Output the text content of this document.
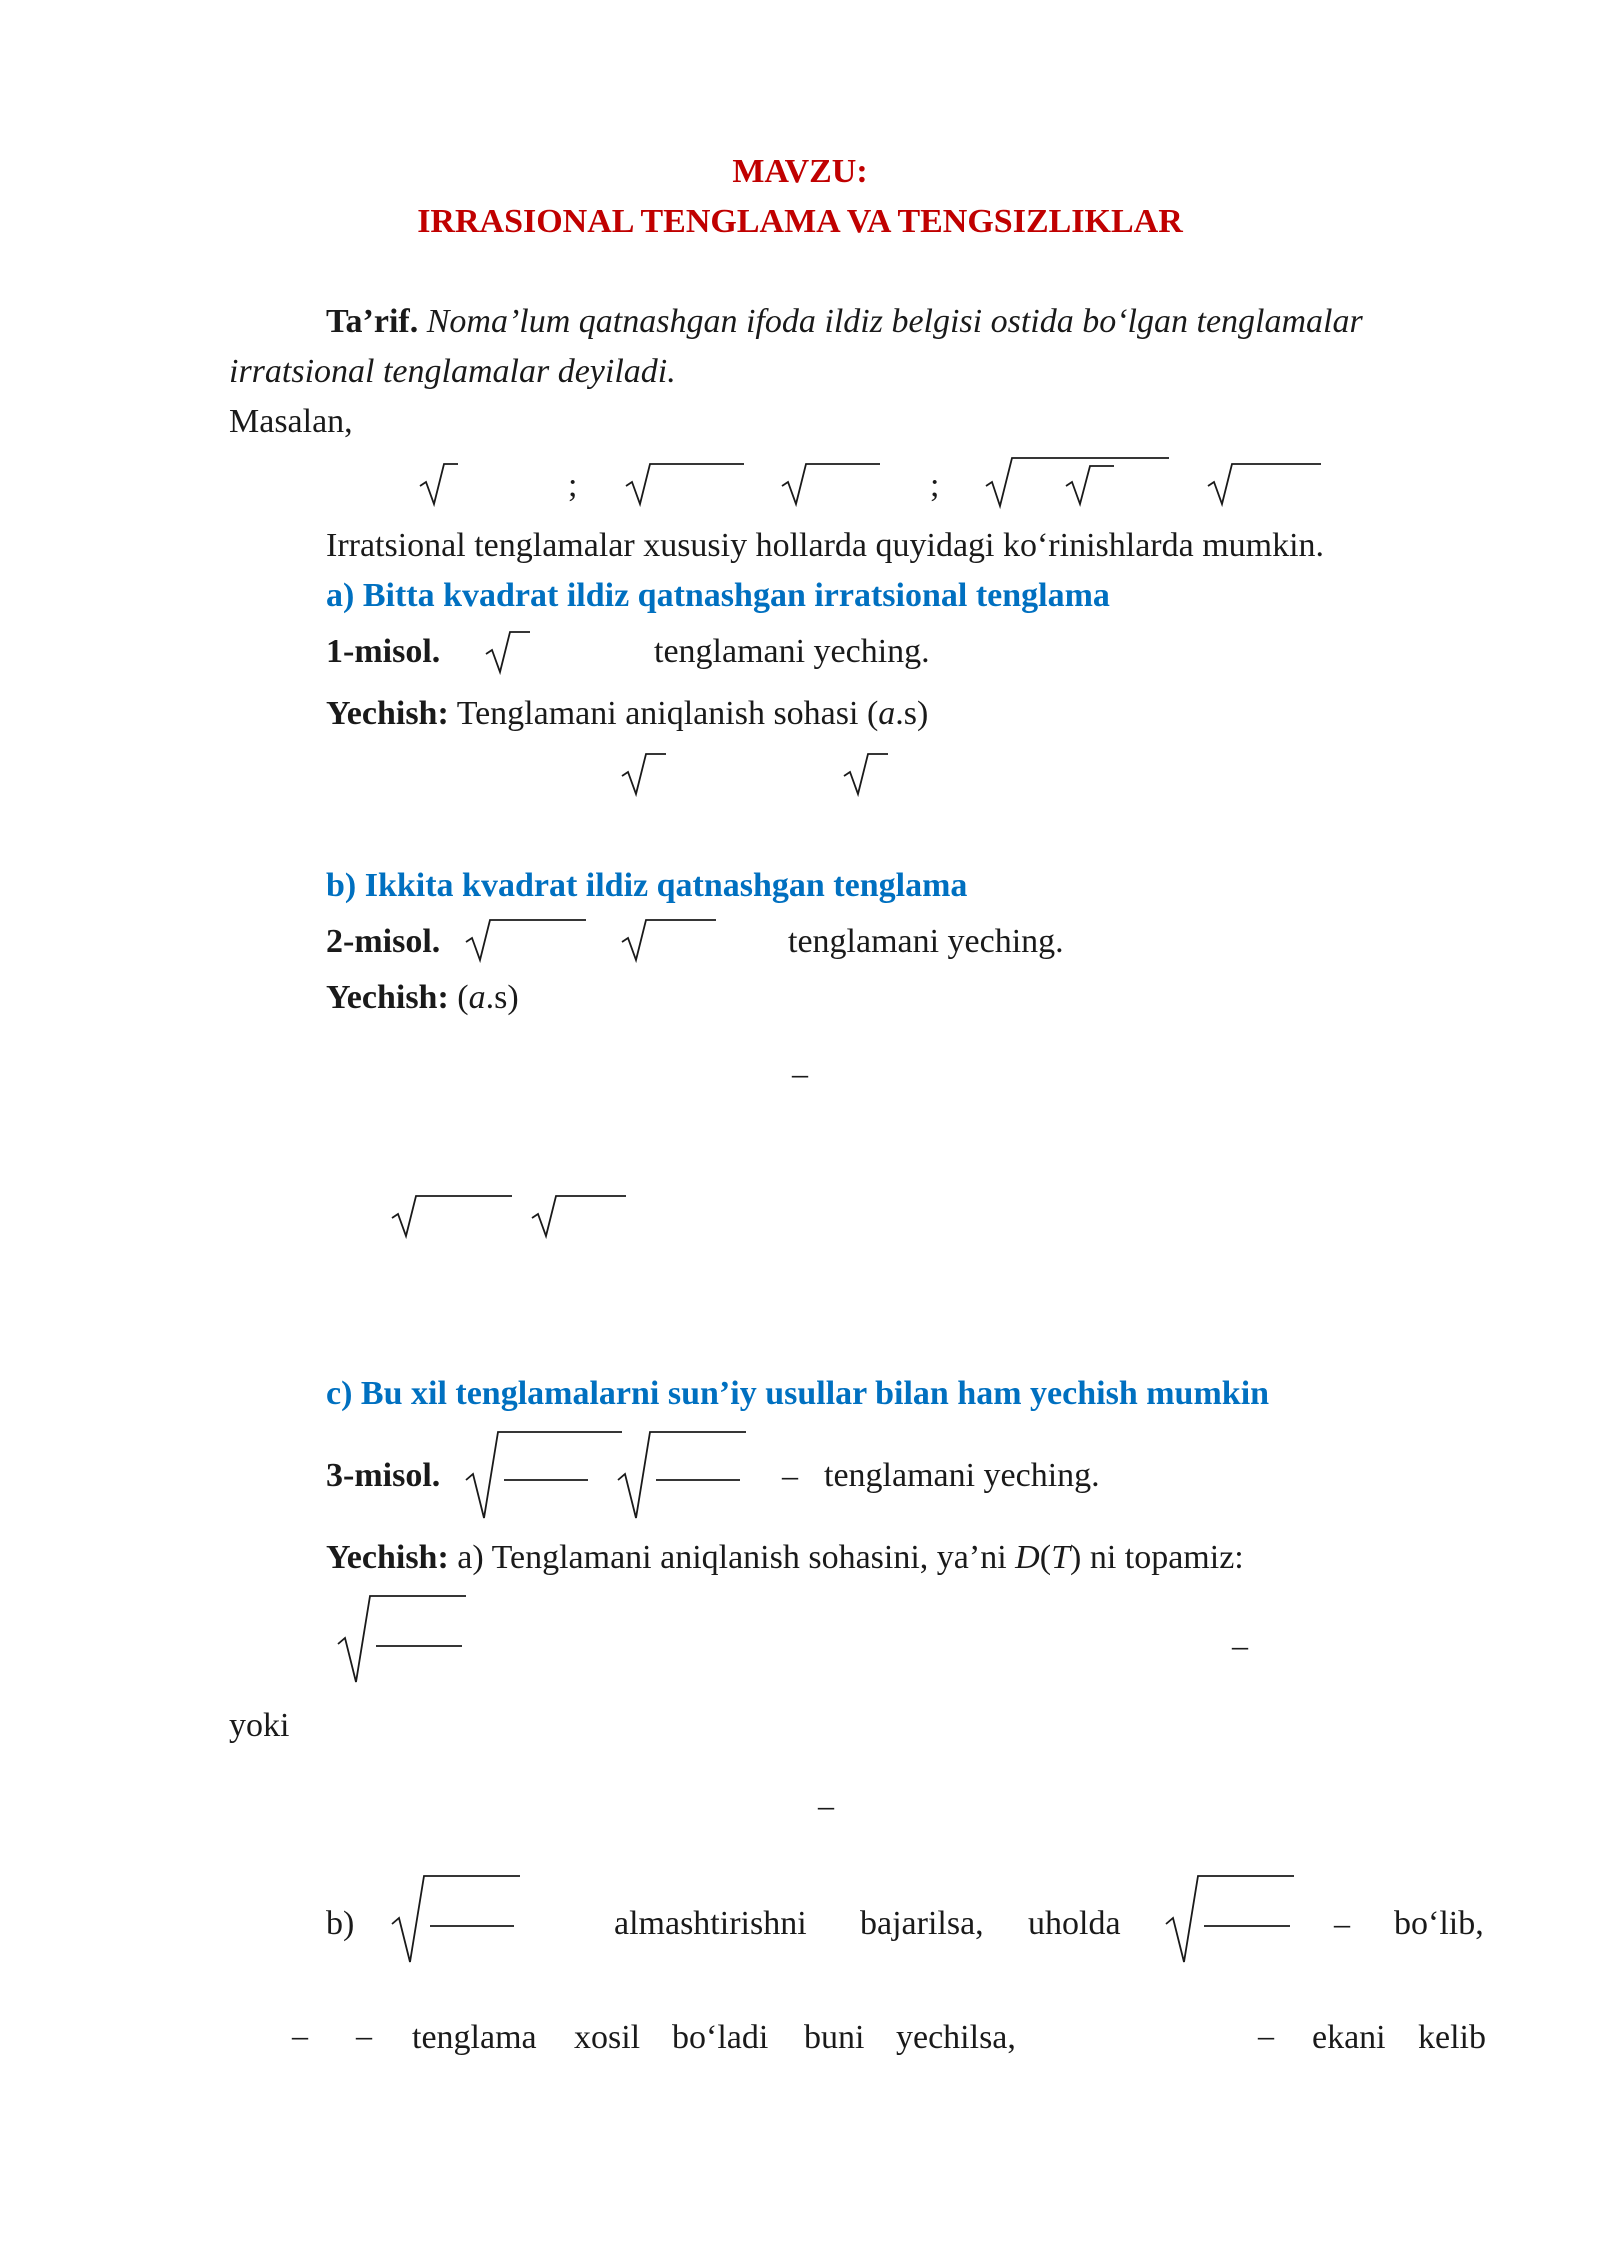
MAVZU:
IRRASIONAL TENGLAMA VA TENGSIZLIKLAR
Ta’rif. Noma’lum qatnashgan ifoda ildiz belgisi ostida bo‘lgan tenglamalar
irratsional tenglamalar deyiladi.
Masalan,
;	;
Irratsional tenglamalar xususiy hollarda quyidagi ko‘rinishlarda mumkin.
a) Bitta kvadrat ildiz qatnashgan irratsional tenglama
1-misol.	tenglamani yeching.
Yechish: Tenglamani aniqlanish sohasi (a.s)
b) Ikkita kvadrat ildiz qatnashgan tenglama
2-misol.	tenglamani yeching.
Yechish: (a.s)
–
c) Bu xil tenglamalarni sun’iy usullar bilan ham yechish mumkin
3-misol.	– tenglamani yeching.
Yechish: a) Tenglamani aniqlanish sohasini, ya’ni D(T) ni topamiz:
–
yoki
–
b)	almashtirishni bajarilsa, uholda	– bo‘lib,
– – tenglama xosil bo‘ladi buni yechilsa,	– ekani kelib
